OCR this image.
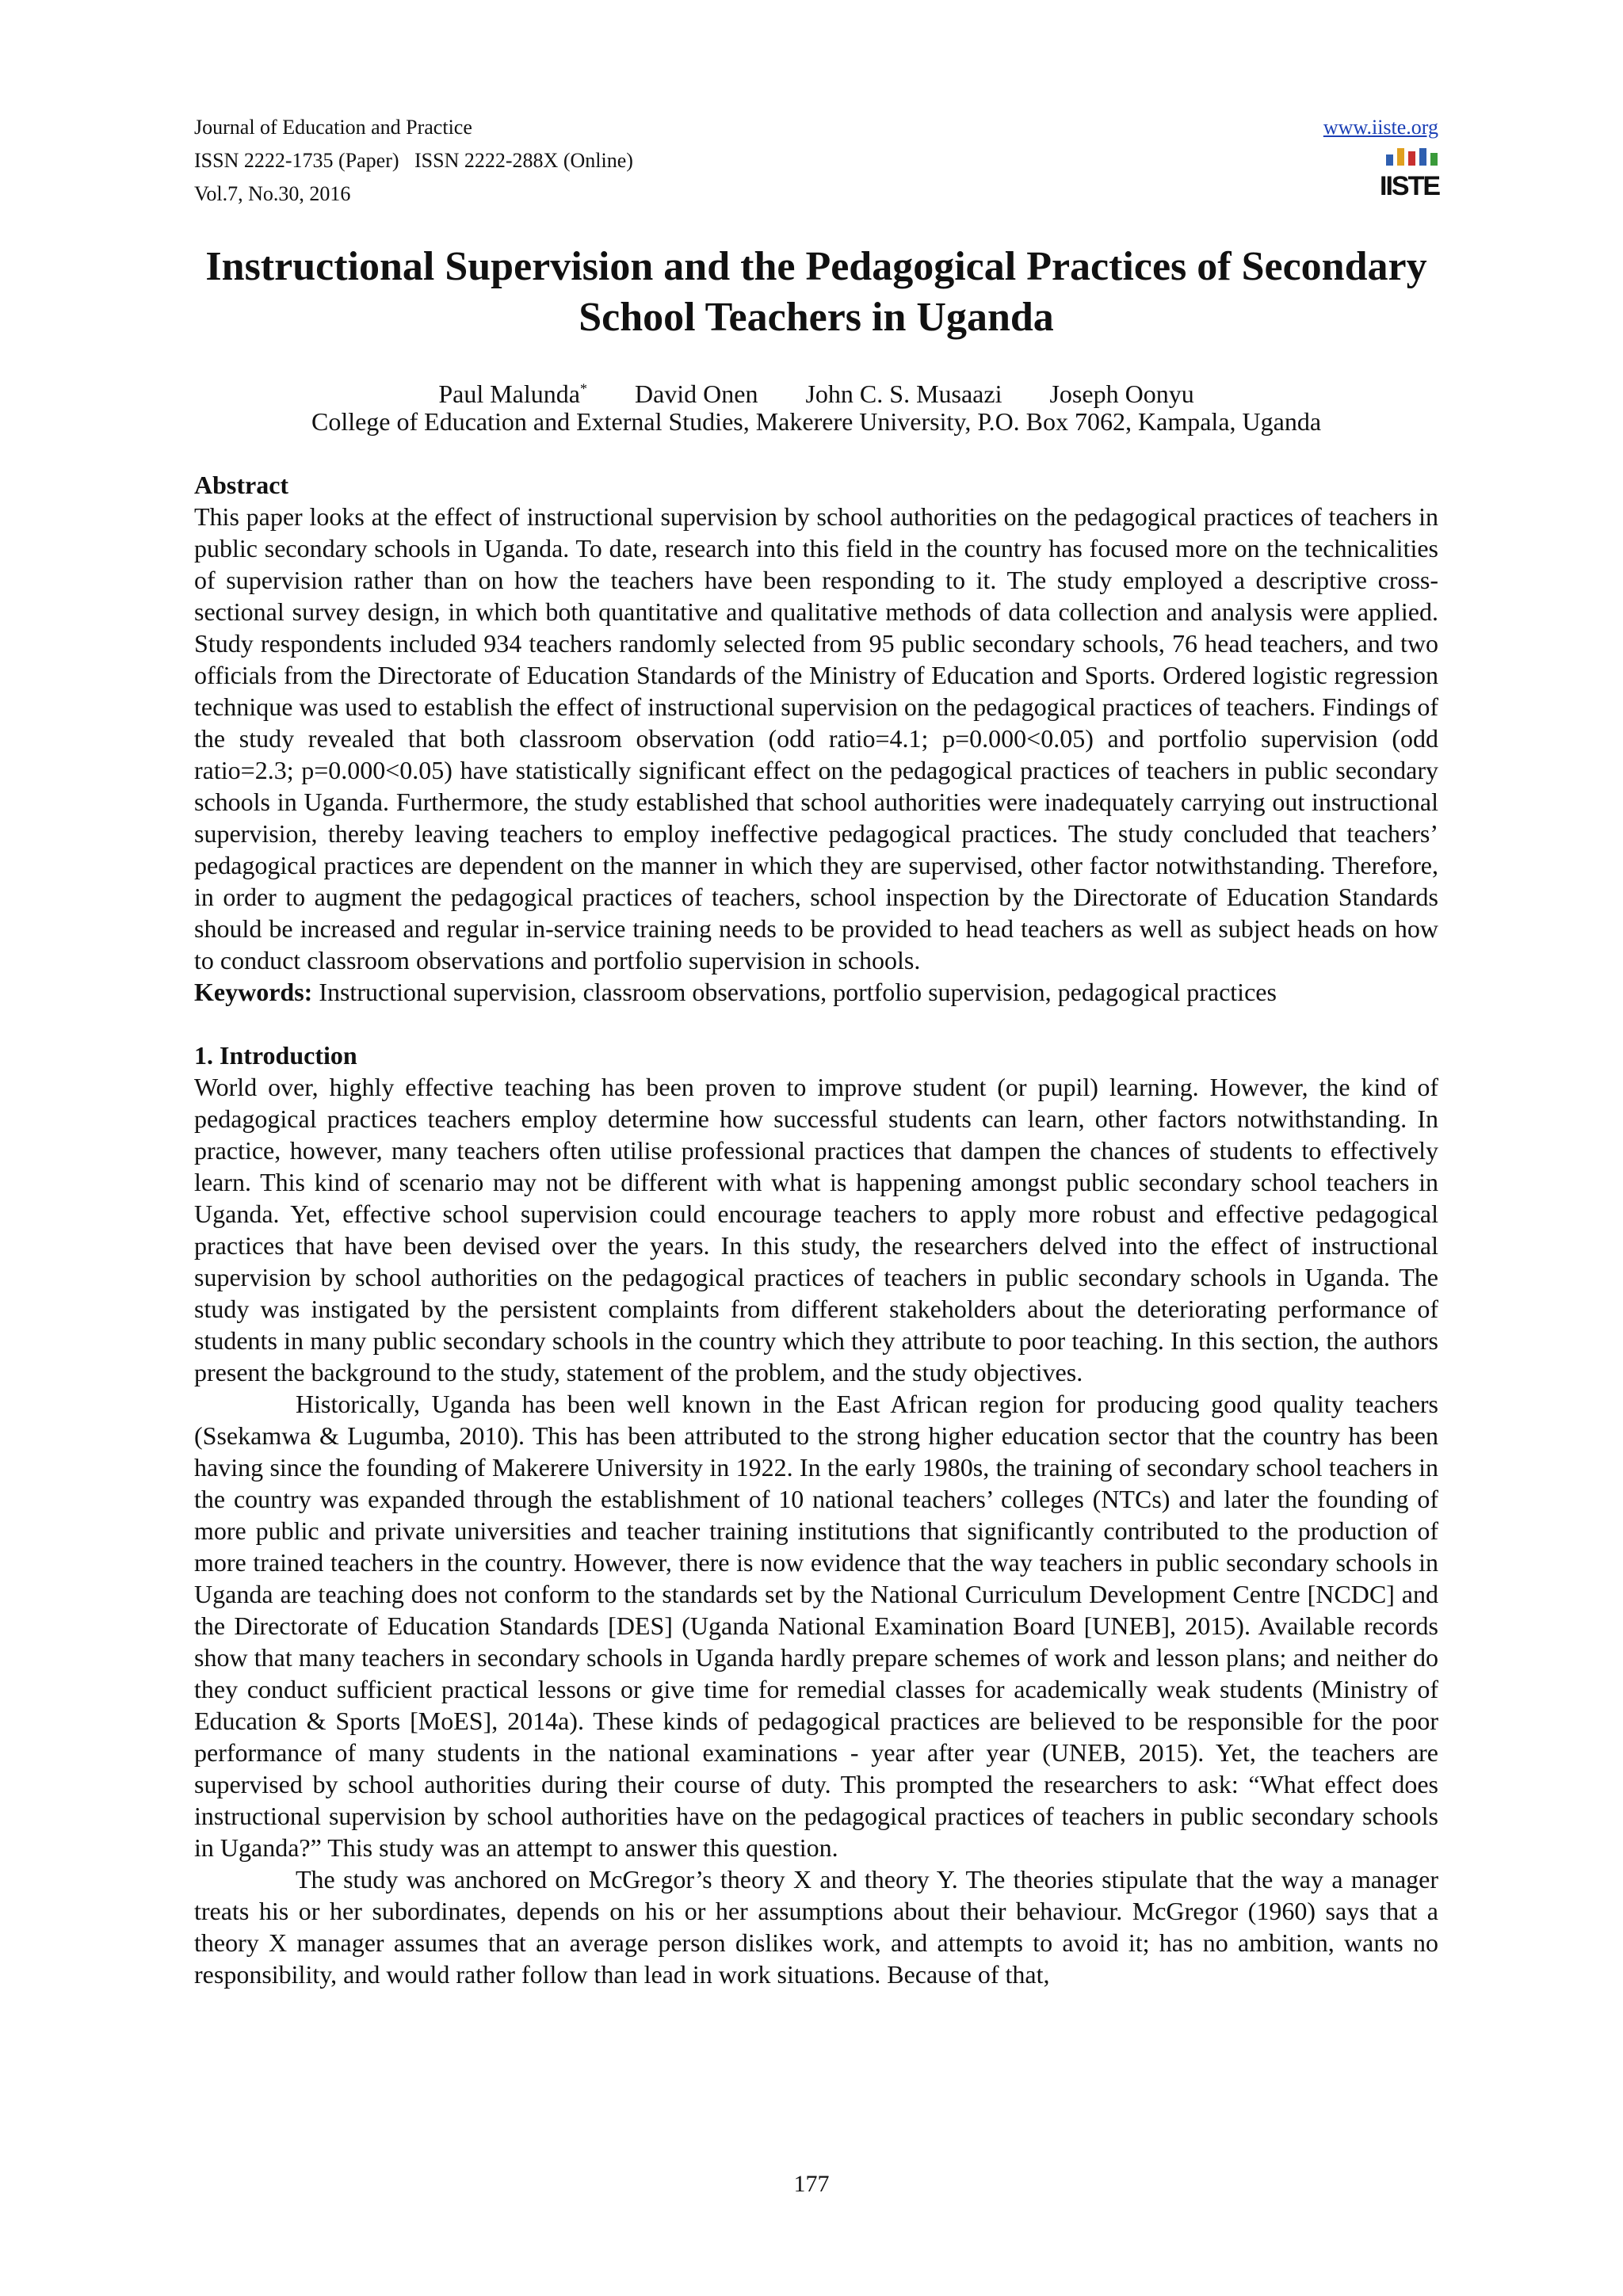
Journal of Education and Practice
ISSN 2222-1735 (Paper)   ISSN 2222-288X (Online)
Vol.7, No.30, 2016
www.iiste.org
IISTE
Instructional Supervision and the Pedagogical Practices of Secondary School Teachers in Uganda
Paul Malunda* David Onen John C. S. Musaazi Joseph Oonyu
College of Education and External Studies, Makerere University, P.O. Box 7062, Kampala, Uganda
Abstract

This paper looks at the effect of instructional supervision by school authorities on the pedagogical practices of teachers in public secondary schools in Uganda. To date, research into this field in the country has focused more on the technicalities of supervision rather than on how the teachers have been responding to it. The study employed a descriptive cross-sectional survey design, in which both quantitative and qualitative methods of data collection and analysis were applied. Study respondents included 934 teachers randomly selected from 95 public secondary schools, 76 head teachers, and two officials from the Directorate of Education Standards of the Ministry of Education and Sports. Ordered logistic regression technique was used to establish the effect of instructional supervision on the pedagogical practices of teachers. Findings of the study revealed that both classroom observation (odd ratio=4.1; p=0.000<0.05) and portfolio supervision (odd ratio=2.3; p=0.000<0.05) have statistically significant effect on the pedagogical practices of teachers in public secondary schools in Uganda. Furthermore, the study established that school authorities were inadequately carrying out instructional supervision, thereby leaving teachers to employ ineffective pedagogical practices. The study concluded that teachers’ pedagogical practices are dependent on the manner in which they are supervised, other factor notwithstanding. Therefore, in order to augment the pedagogical practices of teachers, school inspection by the Directorate of Education Standards should be increased and regular in-service training needs to be provided to head teachers as well as subject heads on how to conduct classroom observations and portfolio supervision in schools.

Keywords: Instructional supervision, classroom observations, portfolio supervision, pedagogical practices

1. Introduction

World over, highly effective teaching has been proven to improve student (or pupil) learning. However, the kind of pedagogical practices teachers employ determine how successful students can learn, other factors notwithstanding. In practice, however, many teachers often utilise professional practices that dampen the chances of students to effectively learn. This kind of scenario may not be different with what is happening amongst public secondary school teachers in Uganda. Yet, effective school supervision could encourage teachers to apply more robust and effective pedagogical practices that have been devised over the years. In this study, the researchers delved into the effect of instructional supervision by school authorities on the pedagogical practices of teachers in public secondary schools in Uganda. The study was instigated by the persistent complaints from different stakeholders about the deteriorating performance of students in many public secondary schools in the country which they attribute to poor teaching. In this section, the authors present the background to the study, statement of the problem, and the study objectives.

Historically, Uganda has been well known in the East African region for producing good quality teachers (Ssekamwa & Lugumba, 2010). This has been attributed to the strong higher education sector that the country has been having since the founding of Makerere University in 1922. In the early 1980s, the training of secondary school teachers in the country was expanded through the establishment of 10 national teachers’ colleges (NTCs) and later the founding of more public and private universities and teacher training institutions that significantly contributed to the production of more trained teachers in the country. However, there is now evidence that the way teachers in public secondary schools in Uganda are teaching does not conform to the standards set by the National Curriculum Development Centre [NCDC] and the Directorate of Education Standards [DES] (Uganda National Examination Board [UNEB], 2015). Available records show that many teachers in secondary schools in Uganda hardly prepare schemes of work and lesson plans; and neither do they conduct sufficient practical lessons or give time for remedial classes for academically weak students (Ministry of Education & Sports [MoES], 2014a). These kinds of pedagogical practices are believed to be responsible for the poor performance of many students in the national examinations - year after year (UNEB, 2015). Yet, the teachers are supervised by school authorities during their course of duty. This prompted the researchers to ask: “What effect does instructional supervision by school authorities have on the pedagogical practices of teachers in public secondary schools in Uganda?” This study was an attempt to answer this question.

The study was anchored on McGregor’s theory X and theory Y. The theories stipulate that the way a manager treats his or her subordinates, depends on his or her assumptions about their behaviour. McGregor (1960) says that a theory X manager assumes that an average person dislikes work, and attempts to avoid it; has no ambition, wants no responsibility, and would rather follow than lead in work situations. Because of that,

177
